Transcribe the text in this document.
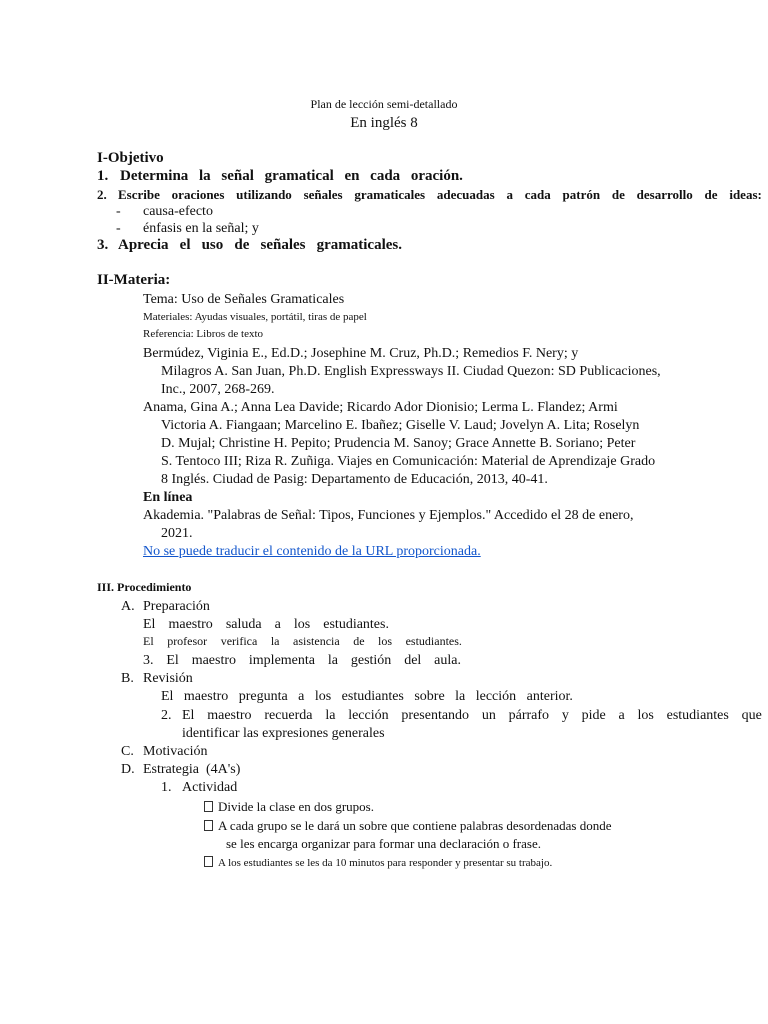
Plan de lección semi-detallado
En inglés 8
I-Objetivo
1. Determina la señal gramatical en cada oración.
2. Escribe oraciones utilizando señales gramaticales adecuadas a cada patrón de desarrollo de ideas:
- causa-efecto
- énfasis en la señal; y
3. Aprecia el uso de señales gramaticales.
II-Materia:
Tema: Uso de Señales Gramaticales
Materiales: Ayudas visuales, portátil, tiras de papel
Referencia: Libros de texto
Bermúdez, Viginia E., Ed.D.; Josephine M. Cruz, Ph.D.; Remedios F. Nery; y
Milagros A. San Juan, Ph.D. English Expressways II. Ciudad Quezon: SD Publicaciones,
Inc., 2007, 268-269.
Anama, Gina A.; Anna Lea Davide; Ricardo Ador Dionisio; Lerma L. Flandez; Armi
Victoria A. Fiangaan; Marcelino E. Ibañez; Giselle V. Laud; Jovelyn A. Lita; Roselyn
D. Mujal; Christine H. Pepito; Prudencia M. Sanoy; Grace Annette B. Soriano; Peter
S. Tentoco III; Riza R. Zuñiga. Viajes en Comunicación: Material de Aprendizaje Grado
8 Inglés. Ciudad de Pasig: Departamento de Educación, 2013, 40-41.
En línea
Akademia. "Palabras de Señal: Tipos, Funciones y Ejemplos." Accedido el 28 de enero,
2021.
No se puede traducir el contenido de la URL proporcionada.
III. Procedimiento
A. Preparación
El maestro saluda a los estudiantes.
El profesor verifica la asistencia de los estudiantes.
3. El maestro implementa la gestión del aula.
B. Revisión
El maestro pregunta a los estudiantes sobre la lección anterior.
2. El maestro recuerda la lección presentando un párrafo y pide a los estudiantes que
identificar las expresiones generales
C. Motivación
D. Estrategia  (4A's)
1. Actividad
Divide la clase en dos grupos.
A cada grupo se le dará un sobre que contiene palabras desordenadas donde
se les encarga organizar para formar una declaración o frase.
A los estudiantes se les da 10 minutos para responder y presentar su trabajo.
